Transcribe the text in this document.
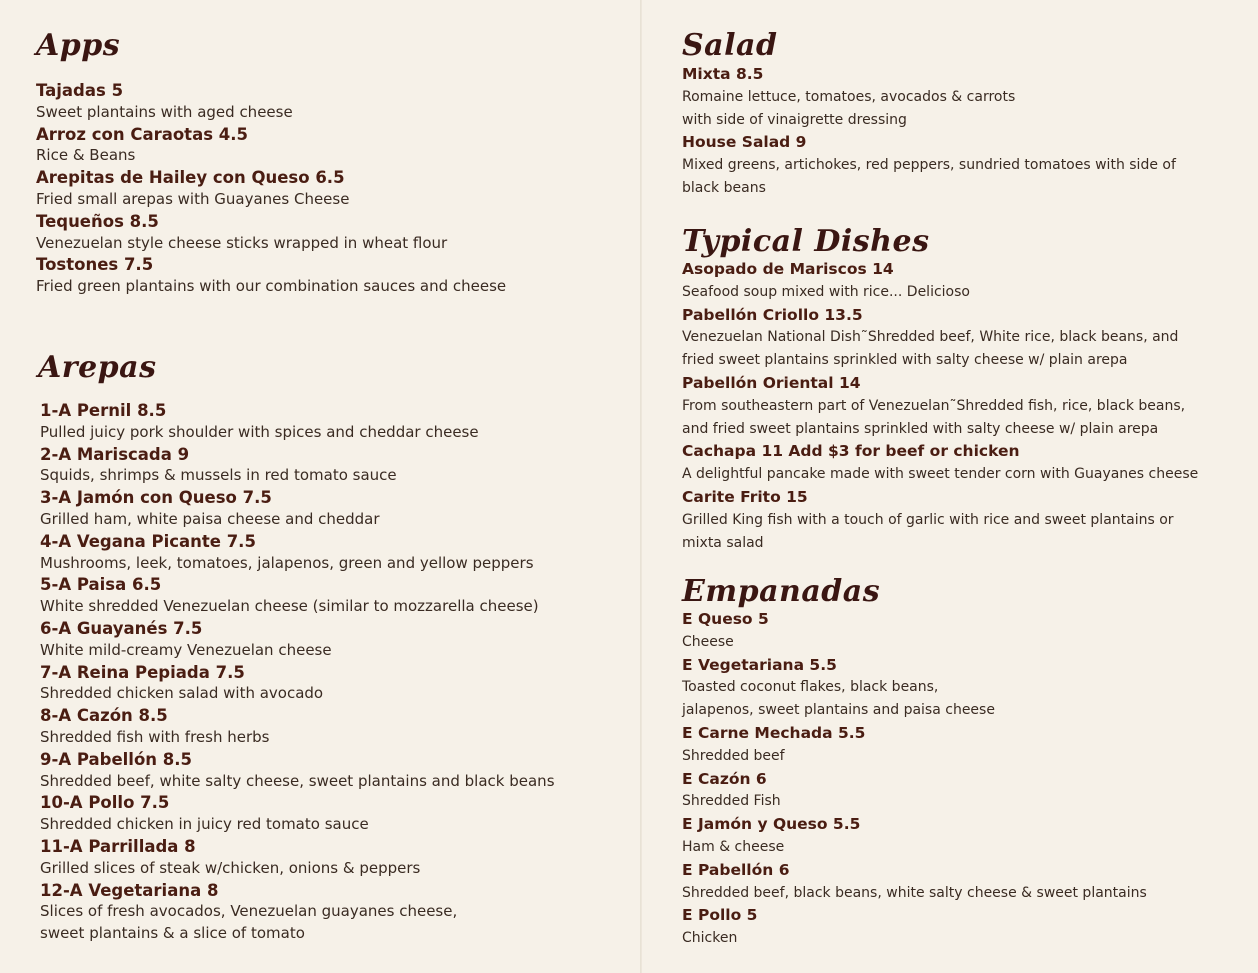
Apps
Tajadas 5
Sweet plantains with aged cheese
Arroz con Caraotas 4.5
Rice & Beans
Arepitas de Hailey con Queso 6.5
Fried small arepas with Guayanes Cheese
Tequeños 8.5
Venezuelan style cheese sticks wrapped in wheat flour
Tostones 7.5
Fried green plantains with our combination sauces and cheese
Arepas
1-A Pernil 8.5
Pulled juicy pork shoulder with spices and cheddar cheese
2-A Mariscada 9
Squids, shrimps & mussels in red tomato sauce
3-A Jamón con Queso 7.5
Grilled ham, white paisa cheese and cheddar
4-A Vegana Picante 7.5
Mushrooms, leek, tomatoes, jalapenos, green and yellow peppers
5-A Paisa 6.5
White shredded Venezuelan cheese (similar to mozzarella cheese)
6-A Guayanés 7.5
White mild-creamy Venezuelan cheese
7-A Reina Pepiada 7.5
Shredded chicken salad with avocado
8-A Cazón 8.5
Shredded fish with fresh herbs
9-A Pabellón 8.5
Shredded beef, white salty cheese, sweet plantains and black beans
10-A Pollo 7.5
Shredded chicken in juicy red tomato sauce
11-A Parrillada 8
Grilled slices of steak w/chicken, onions & peppers
12-A Vegetariana 8
Slices of fresh avocados, Venezuelan guayanes cheese,
sweet plantains & a slice of tomato
Salad
Mixta 8.5
Romaine lettuce, tomatoes, avocados & carrots
with side of vinaigrette dressing
House Salad 9
Mixed greens, artichokes, red peppers, sundried tomatoes with side of
black beans
Typical Dishes
Asopado de Mariscos 14
Seafood soup mixed with rice... Delicioso
Pabellón Criollo 13.5
Venezuelan National Dish˜Shredded beef, White rice, black beans, and
fried sweet plantains sprinkled with salty cheese w/ plain arepa
Pabellón Oriental 14
From southeastern part of Venezuelan˜Shredded fish, rice, black beans,
and fried sweet plantains sprinkled with salty cheese w/ plain arepa
Cachapa 11 Add $3 for beef or chicken
A delightful pancake made with sweet tender corn with Guayanes cheese
Carite Frito 15
Grilled King fish with a touch of garlic with rice and sweet plantains or
mixta salad
Empanadas
E Queso 5
Cheese
E Vegetariana 5.5
Toasted coconut flakes, black beans,
jalapenos, sweet plantains and paisa cheese
E Carne Mechada 5.5
Shredded beef
E Cazón 6
Shredded Fish
E Jamón y Queso 5.5
Ham & cheese
E Pabellón 6
Shredded beef, black beans, white salty cheese & sweet plantains
E Pollo 5
Chicken
